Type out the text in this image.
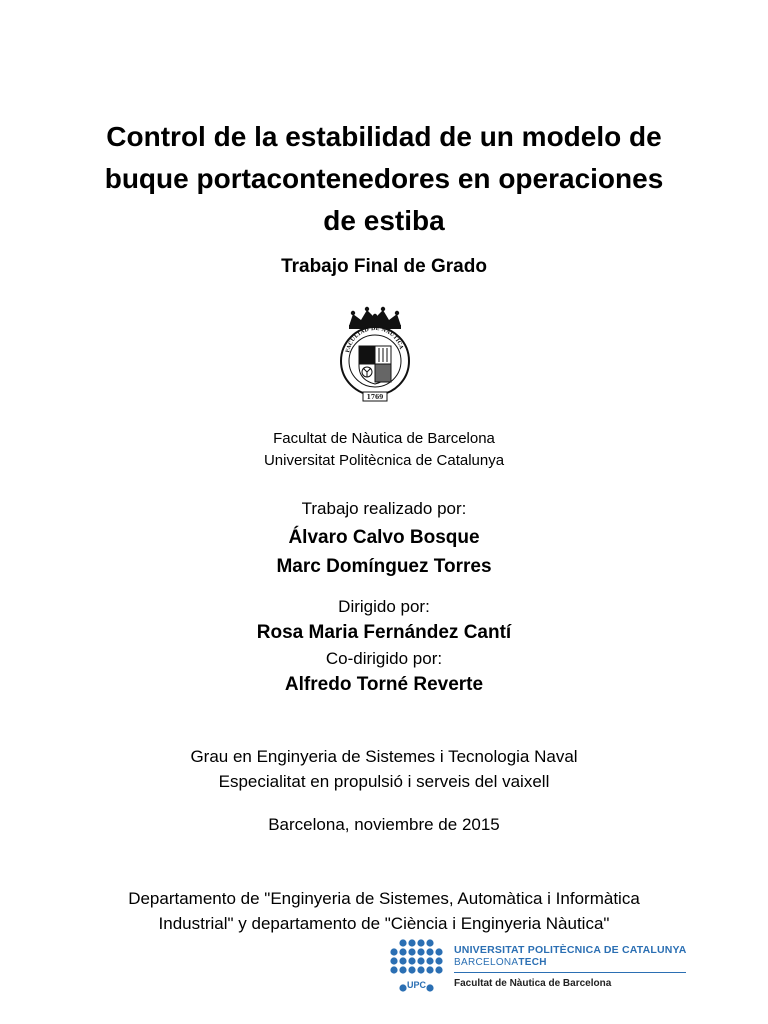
Control de la estabilidad de un modelo de
buque portacontenedores en operaciones
de estiba
Trabajo Final de Grado
FACULTAD DE NÁUTICA
1769
Facultat de Nàutica de Barcelona
Universitat Politècnica de Catalunya
Trabajo realizado por:
Álvaro Calvo Bosque
Marc Domínguez Torres
Dirigido por:
Rosa Maria Fernández Cantí
Co-dirigido por:
Alfredo Torné Reverte
Grau en Enginyeria de Sistemes i Tecnologia Naval
Especialitat en propulsió i serveis del vaixell
Barcelona, noviembre de 2015
Departamento de "Enginyeria de Sistemes, Automàtica i Informàtica
Industrial" y departamento de "Ciència i Enginyeria Nàutica"
UPC
UNIVERSITAT POLITÈCNICA DE CATALUNYA
BARCELONATECH
Facultat de Nàutica de Barcelona
